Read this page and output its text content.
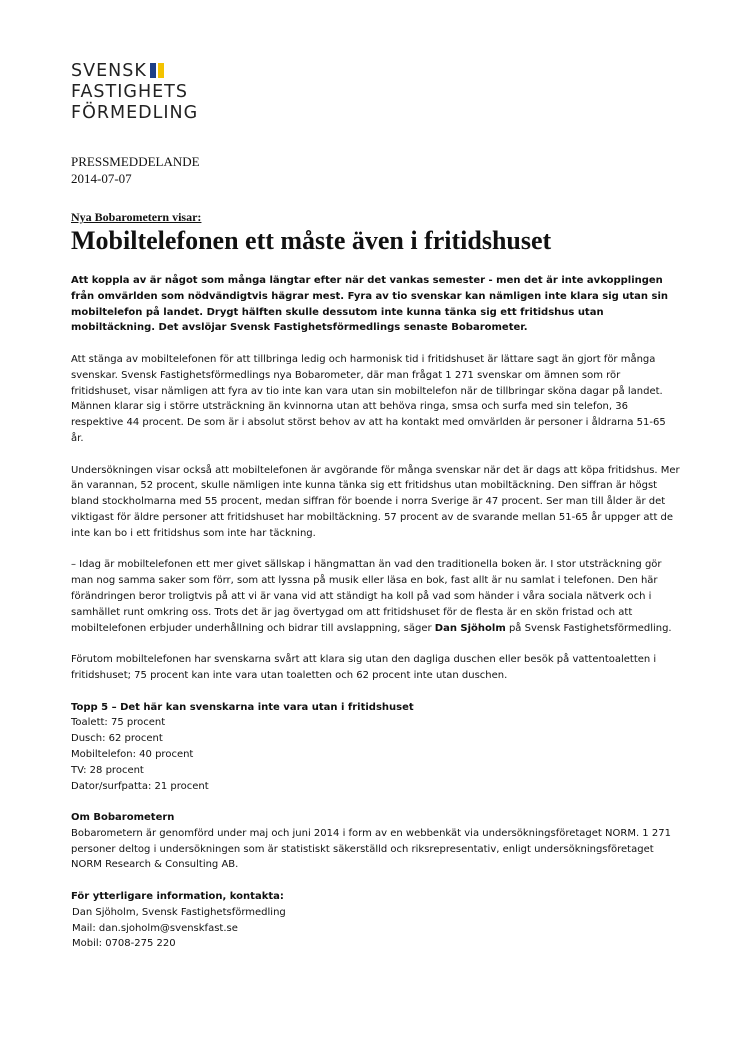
SVENSK
FASTIGHETS
FÖRMEDLING
PRESSMEDDELANDE
2014-07-07
Nya Bobarometern visar:
Mobiltelefonen ett måste även i fritidshuset

Att koppla av är något som många längtar efter när det vankas semester - men det är inte avkopplingen från omvärlden som nödvändigtvis hägrar mest. Fyra av tio svenskar kan nämligen inte klara sig utan sin mobiltelefon på landet. Drygt hälften skulle dessutom inte kunna tänka sig ett fritidshus utan mobiltäckning. Det avslöjar Svensk Fastighetsförmedlings senaste Bobarometer.

Att stänga av mobiltelefonen för att tillbringa ledig och harmonisk tid i fritidshuset är lättare sagt än gjort för många svenskar. Svensk Fastighetsförmedlings nya Bobarometer, där man frågat 1 271 svenskar om ämnen som rör fritidshuset, visar nämligen att fyra av tio inte kan vara utan sin mobiltelefon när de tillbringar sköna dagar på landet. Männen klarar sig i större utsträckning än kvinnorna utan att behöva ringa, smsa och surfa med sin telefon, 36 respektive 44 procent. De som är i absolut störst behov av att ha kontakt med omvärlden är personer i åldrarna 51-65 år.

Undersökningen visar också att mobiltelefonen är avgörande för många svenskar när det är dags att köpa fritidshus. Mer än varannan, 52 procent, skulle nämligen inte kunna tänka sig ett fritidshus utan mobiltäckning. Den siffran är högst bland stockholmarna med 55 procent, medan siffran för boende i norra Sverige är 47 procent. Ser man till ålder är det viktigast för äldre personer att fritidshuset har mobiltäckning. 57 procent av de svarande mellan 51-65 år uppger att de inte kan bo i ett fritidshus som inte har täckning.

– Idag är mobiltelefonen ett mer givet sällskap i hängmattan än vad den traditionella boken är. I stor utsträckning gör man nog samma saker som förr, som att lyssna på musik eller läsa en bok, fast allt är nu samlat i telefonen. Den här förändringen beror troligtvis på att vi är vana vid att ständigt ha koll på vad som händer i våra sociala nätverk och i samhället runt omkring oss. Trots det är jag övertygad om att fritidshuset för de flesta är en skön fristad och att mobiltelefonen erbjuder underhållning och bidrar till avslappning, säger Dan Sjöholm på Svensk Fastighetsförmedling.

Förutom mobiltelefonen har svenskarna svårt att klara sig utan den dagliga duschen eller besök på vattentoaletten i fritidshuset; 75 procent kan inte vara utan toaletten och 62 procent inte utan duschen.

Topp 5 – Det här kan svenskarna inte vara utan i fritidshuset
Toalett: 75 procent
Dusch: 62 procent
Mobiltelefon: 40 procent
TV: 28 procent
Dator/surfpatta: 21 procent

Om Bobarometern
Bobarometern är genomförd under maj och juni 2014 i form av en webbenkät via undersökningsföretaget NORM. 1 271 personer deltog i undersökningen som är statistiskt säkerställd och riksrepresentativ, enligt undersökningsföretaget NORM Research & Consulting AB.

För ytterligare information, kontakta:
Dan Sjöholm, Svensk Fastighetsförmedling
Mail: dan.sjoholm@svenskfast.se
Mobil: 0708-275 220
